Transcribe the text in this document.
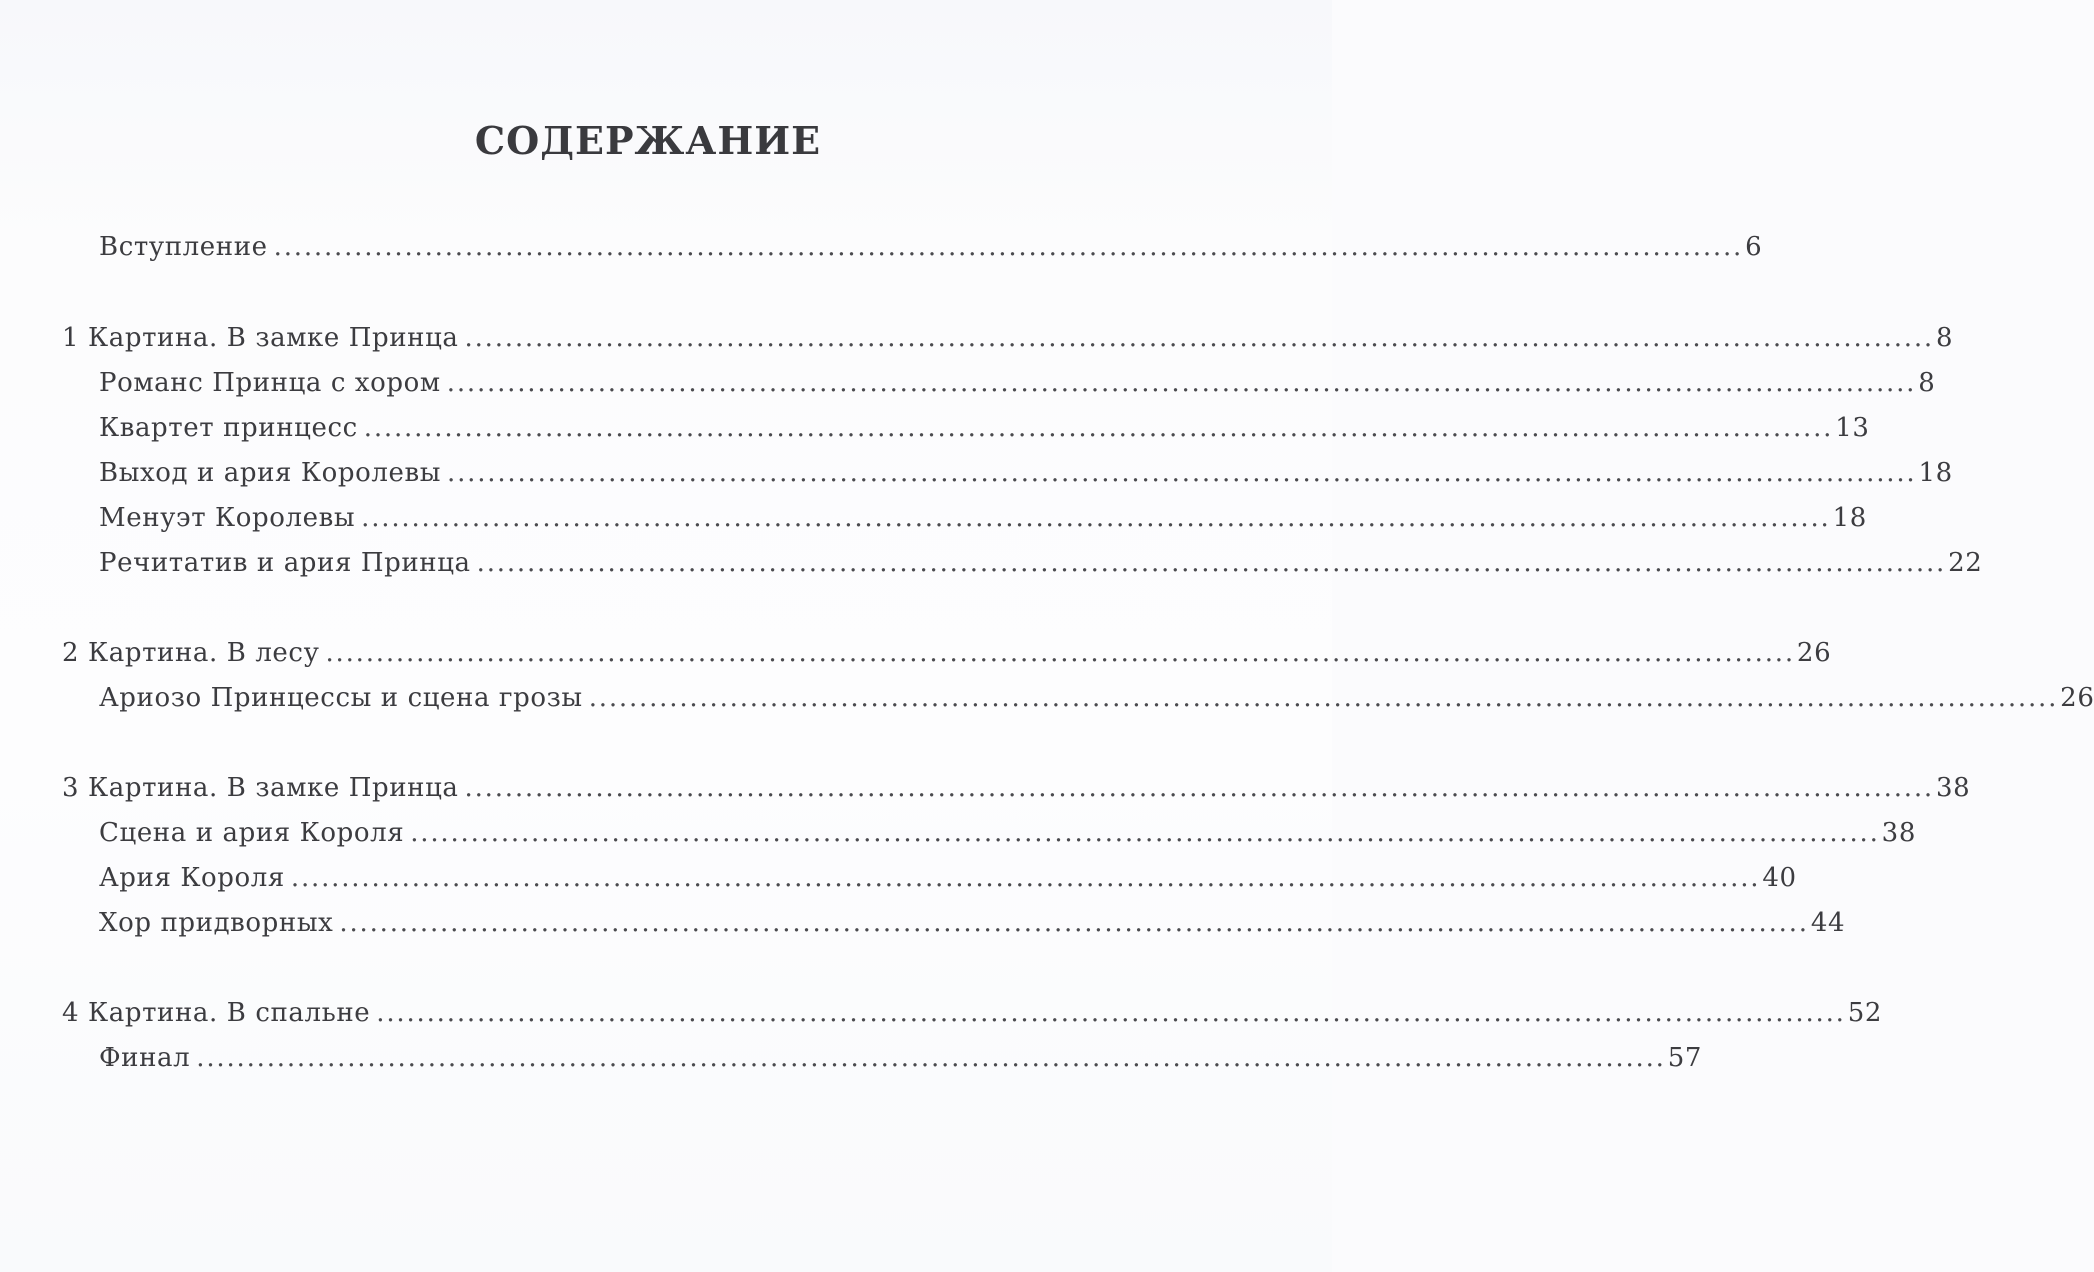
СОДЕРЖАНИЕ
Вступление .................................................................................................................................................. 6
1 Картина. В замке Принца .................................................................................................................................................. 8
Романс Принца с хором .................................................................................................................................................. 8
Квартет принцесс .................................................................................................................................................. 13
Выход и ария Королевы .................................................................................................................................................. 18
Менуэт Королевы .................................................................................................................................................. 18
Речитатив и ария Принца .................................................................................................................................................. 22
2 Картина. В лесу .................................................................................................................................................. 26
Ариозо Принцессы и сцена грозы .................................................................................................................................................. 26
3 Картина. В замке Принца .................................................................................................................................................. 38
Сцена и ария Короля .................................................................................................................................................. 38
Ария Короля .................................................................................................................................................. 40
Хор придворных .................................................................................................................................................. 44
4 Картина. В спальне .................................................................................................................................................. 52
Финал .................................................................................................................................................. 57
